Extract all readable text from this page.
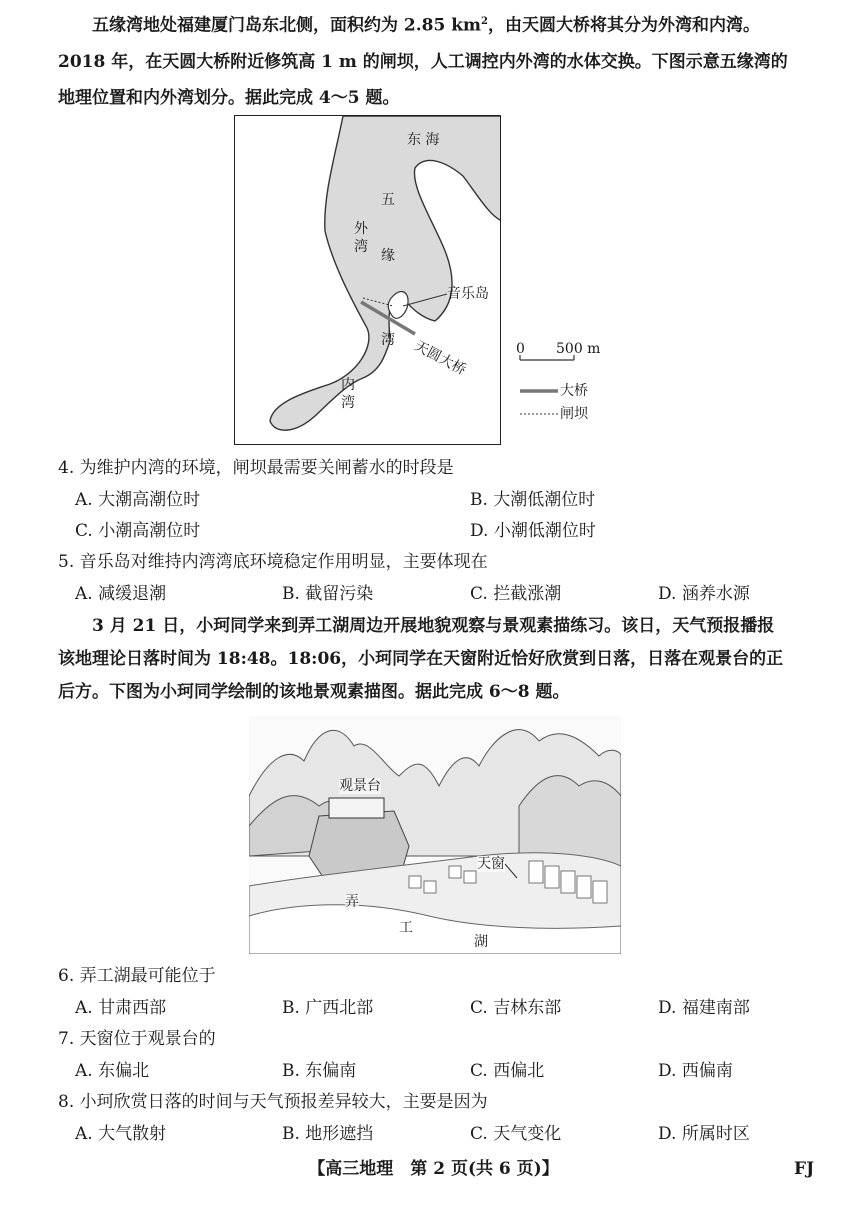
五缘湾地处福建厦门岛东北侧，面积约为 2.85 $km^2$，由天圆大桥将其分为外湾和内湾。
2018 年，在天圆大桥附近修筑高 1 m 的闸坝，人工调控内外湾的水体交换。下图示意五缘湾的
地理位置和内外湾划分。据此完成 4～5 题。
东 海
五
缘
湾
外
湾
内
湾
音乐岛
天圆大桥	0 500 m
大桥
闸坝
4. 为维护内湾的环境，闸坝最需要关闸蓄水的时段是
A. 大潮高潮位时	B. 大潮低潮位时
C. 小潮高潮位时	D. 小潮低潮位时
5. 音乐岛对维持内湾湾底环境稳定作用明显，主要体现在
A. 减缓退潮	B. 截留污染	C. 拦截涨潮	D. 涵养水源
3 月 21 日，小珂同学来到弄工湖周边开展地貌观察与景观素描练习。该日，天气预报播报
该地理论日落时间为 18:48。18:06，小珂同学在天窗附近恰好欣赏到日落，日落在观景台的正
后方。下图为小珂同学绘制的该地景观素描图。据此完成 6～8 题。
观景台
天窗
弄
工
湖
6. 弄工湖最可能位于
A. 甘肃西部	B. 广西北部	C. 吉林东部	D. 福建南部
7. 天窗位于观景台的
A. 东偏北	B. 东偏南	C. 西偏北	D. 西偏南
8. 小珂欣赏日落的时间与天气预报差异较大，主要是因为
A. 大气散射	B. 地形遮挡	C. 天气变化	D. 所属时区
【高三地理　第 2 页(共 6 页)】	FJ
